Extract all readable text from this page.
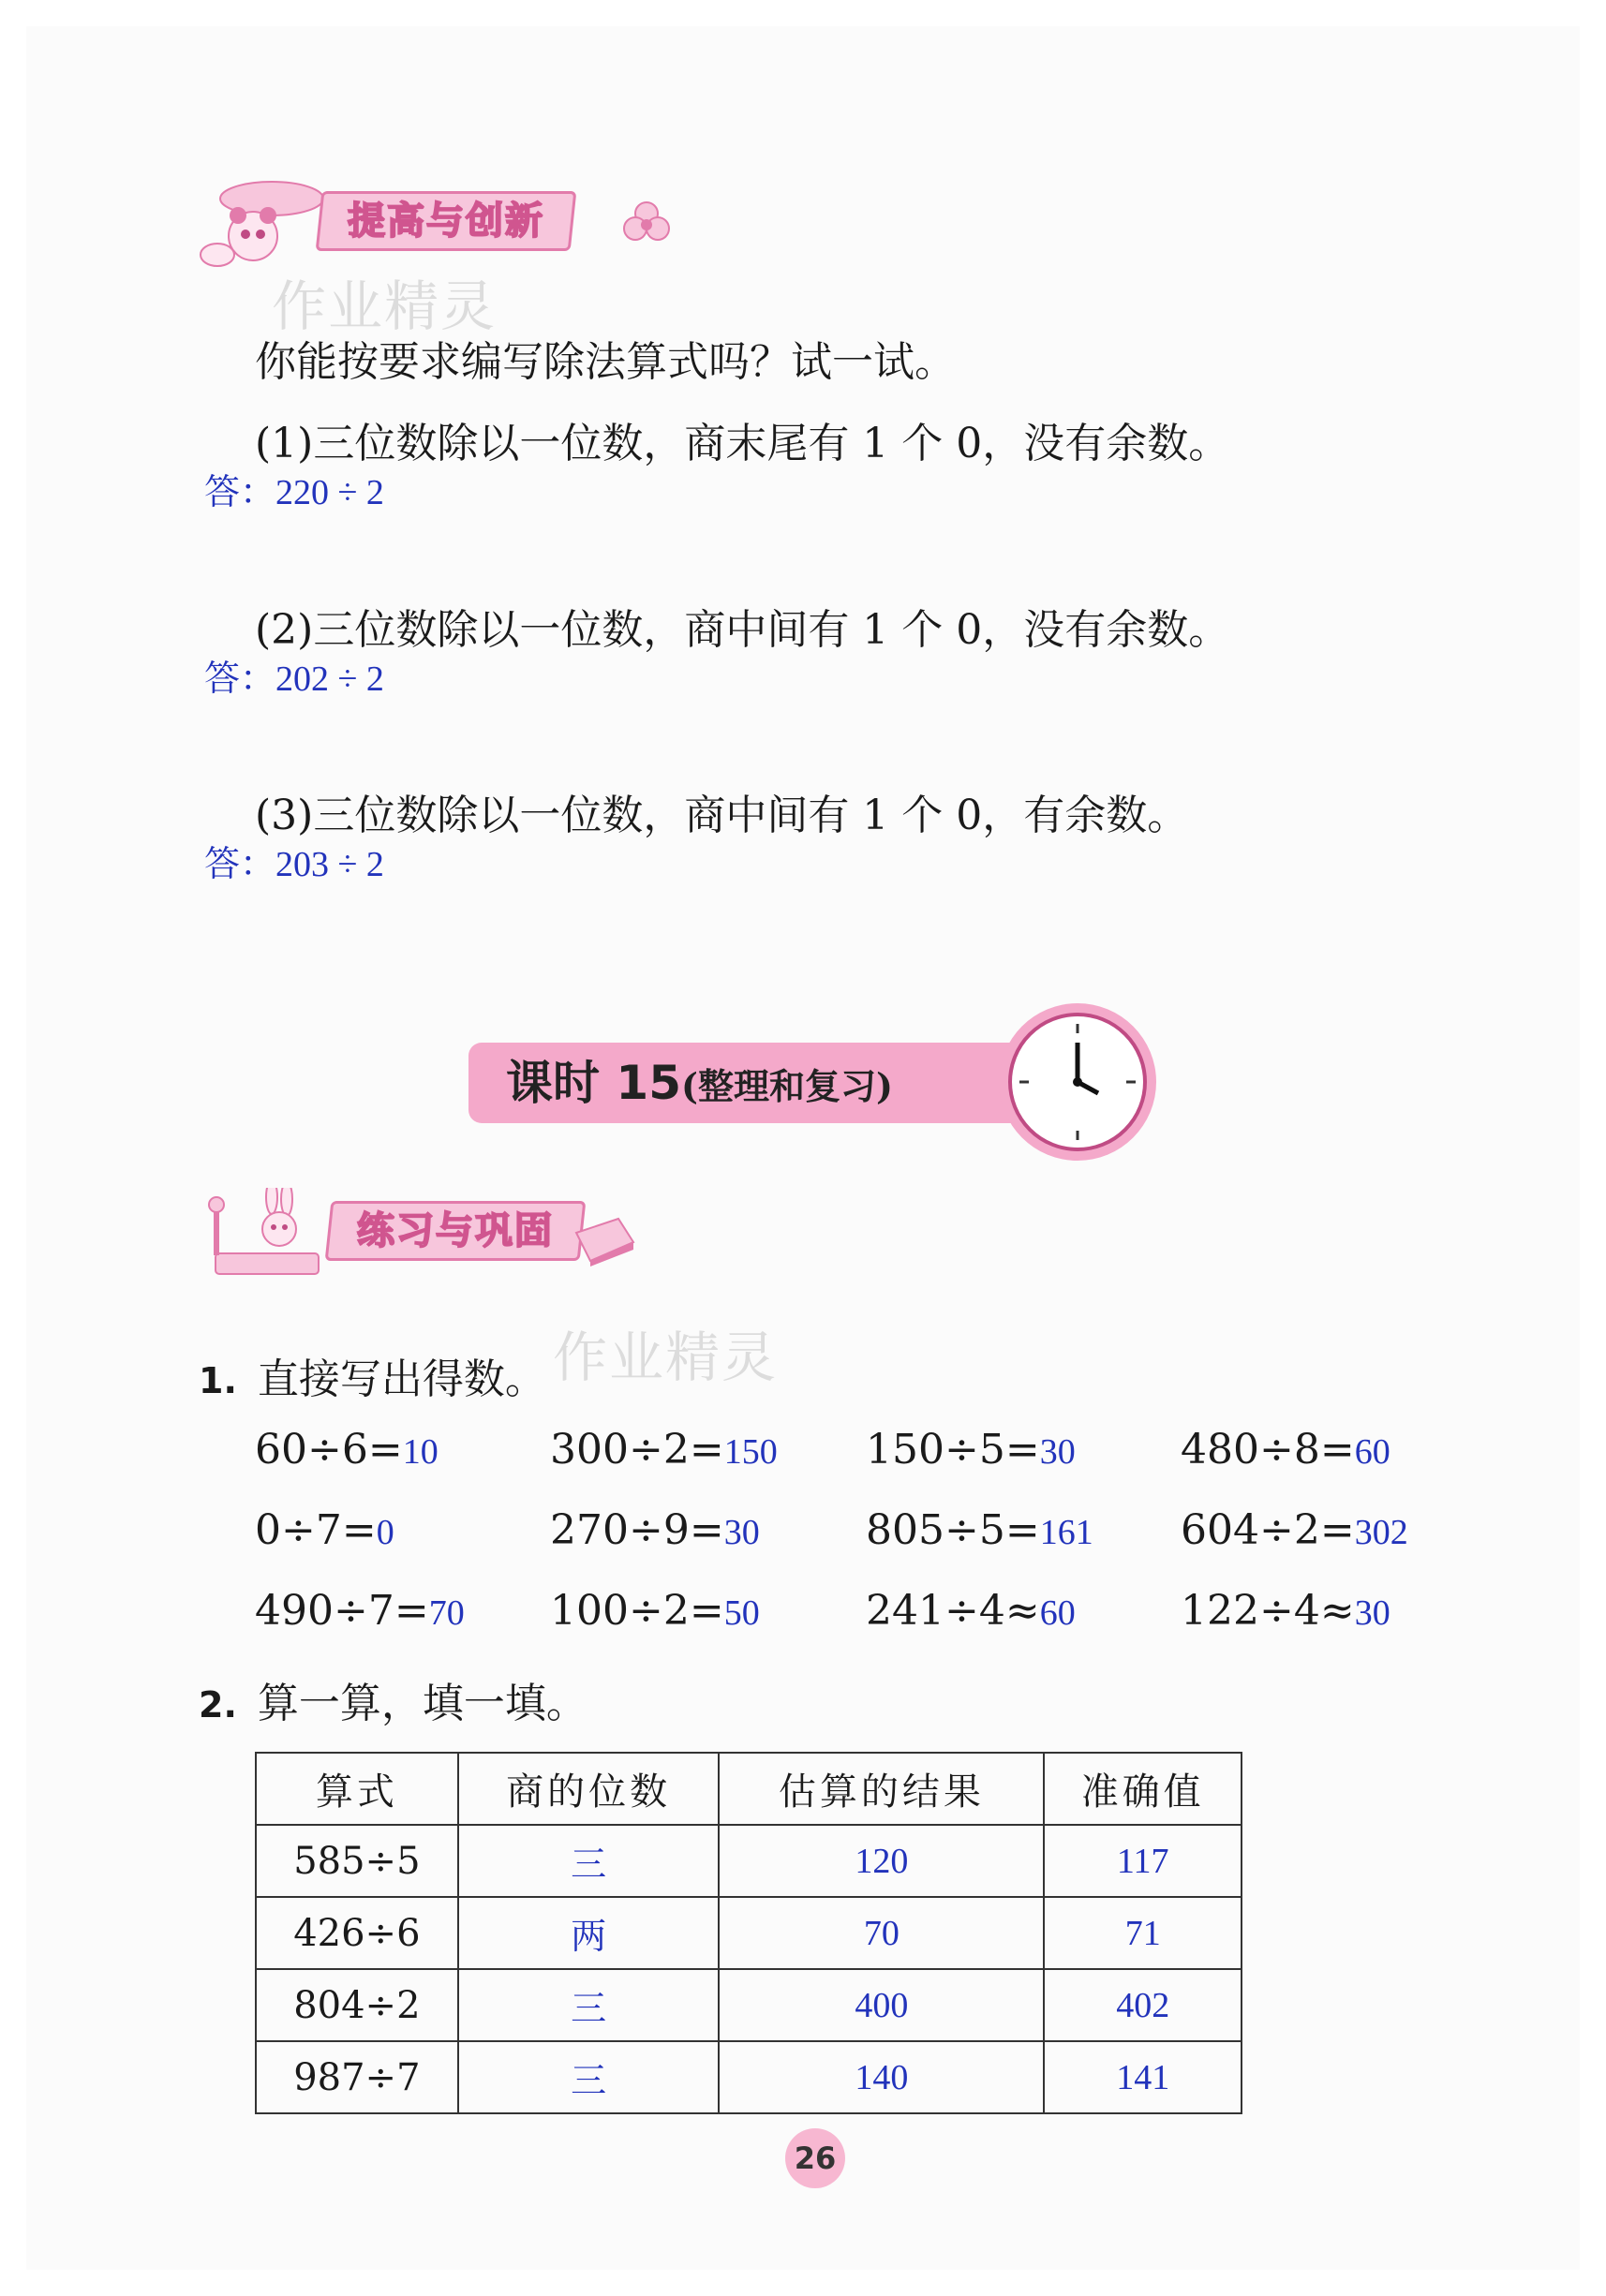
提高与创新
作业精灵
你能按要求编写除法算式吗？试一试。
(1)三位数除以一位数，商末尾有 1 个 0，没有余数。
答：220 ÷ 2
(2)三位数除以一位数，商中间有 1 个 0，没有余数。
答：202 ÷ 2
(3)三位数除以一位数，商中间有 1 个 0，有余数。
答：203 ÷ 2
课时 15(整理和复习)
练习与巩固
作业精灵
1. 直接写出得数。
60÷6=10	300÷2=150 150÷5=30	480÷8=60
0÷7=0	270÷9=30	805÷5=161 604÷2=302
490÷7=70 100÷2=50	241÷4≈60	122÷4≈30
2. 算一算，填一填。
算式	商的位数	估算的结果	准确值
585÷5	三	120	117
426÷6	两	70	71
804÷2	三	400	402
987÷7	三	140	141
26
